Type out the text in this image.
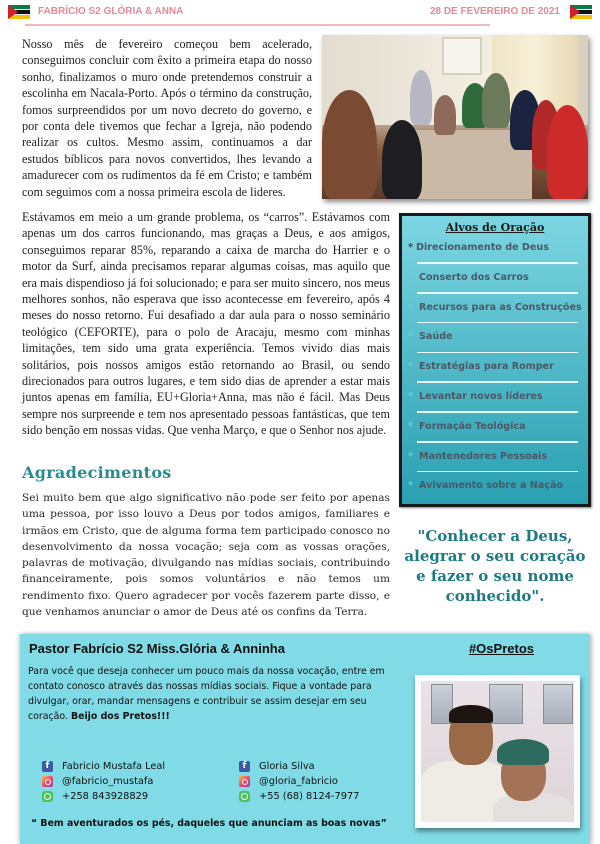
FABRÍCIO S2 GLÓRIA & ANNA	28 DE FEVEREIRO DE 2021

Nosso mês de fevereiro começou bem acelerado, conseguimos concluir com êxito a primeira etapa do nosso sonho, finalizamos o muro onde pretendemos construir a escolinha em Nacala-Porto. Após o término da construção, fomos surpreendidos por um novo decreto do governo, e por conta dele tivemos que fechar a Igreja, não podendo realizar os cultos. Mesmo assim, continuamos a dar estudos bíblicos para novos convertidos, lhes levando a amadurecer com os rudimentos da fé em Cristo; e também com seguimos com a nossa primeira escola de lideres.

Estávamos em meio a um grande problema, os “carros”. Estávamos com apenas um dos carros funcionando, mas graças a Deus, e aos amigos, conseguimos reparar 85%, reparando a caixa de marcha do Harrier e o motor da Surf, ainda precisamos reparar algumas coisas, mas aquilo que era mais dispendioso já foi solucionado; e para ser muito sincero, nos meus melhores sonhos, não esperava que isso acontecesse em fevereiro, após 4 meses do nosso retorno. Fui desafiado a dar aula para o nosso seminário teológico (CEFORTE), para o polo de Aracaju, mesmo com minhas limitações, tem sido uma grata experiência. Temos vivido dias mais solitários, pois nossos amigos estão retornando ao Brasil, ou sendo direcionados para outros lugares, e tem sido dias de aprender a estar mais juntos apenas em família, EU+Gloria+Anna, mas não é fácil. Mas Deus sempre nos surpreende e tem nos apresentado pessoas fantásticas, que tem sido benção em nossas vidas. Que venha Março, e que o Senhor nos ajude.

Agradecimentos

Sei muito bem que algo significativo não pode ser feito por apenas uma pessoa, por isso louvo a Deus por todos amigos, familiares e irmãos em Cristo, que de alguma forma tem participado conosco no desenvolvimento da nossa vocação; seja com as vossas orações, palavras de motivação, divulgando nas mídias sociais, contribuindo financeiramente, pois somos voluntários e não temos um rendimento fixo. Quero agradecer por vocês fazerem parte disso, e que venhamos anunciar o amor de Deus até os confins da Terra.

Alvos de Oração
* Direcionamento de Deus
* Conserto dos Carros
* Recursos para as Construções
* Saúde
* Estratégias para Romper
* Levantar novos líderes
* Formação Teológica
* Mantenedores Pessoais
* Avivamento sobre a Nação
"Conhecer a Deus, alegrar o seu coração e fazer o seu nome conhecido".
Pastor Fabrício S2 Miss.Glória & Anninha	#OsPretos

Para você que deseja conhecer um pouco mais da nossa vocação, entre em contato conosco através das nossas mídias sociais. Fique a vontade para divulgar, orar, mandar mensagens e contribuir se assim desejar em seu coração. Beijo dos Pretos!!!

f	Fabricio Mustafa Leal
@fabricio_mustafa
+258 843928829
f	Gloria Silva
@gloria_fabricio
+55 (68) 8124-7977
“ Bem aventurados os pés, daqueles que anunciam as boas novas”
